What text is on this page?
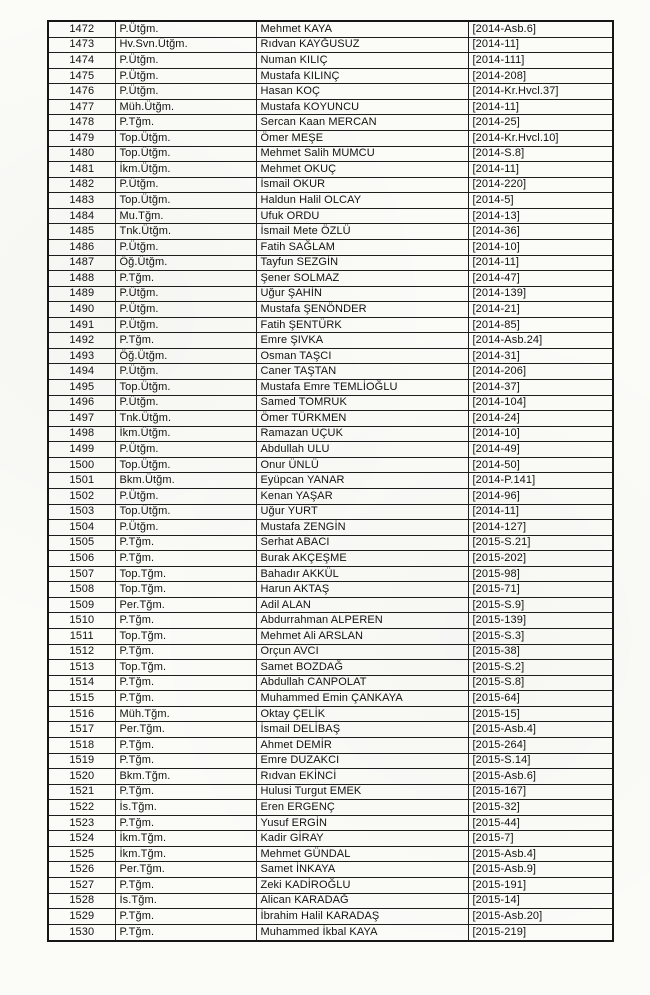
1472	P.Ütğm.	Mehmet KAYA	[2014-Asb.6]
1473	Hv.Svn.Ütğm.	Rıdvan KAYĞUSUZ	[2014-11]
1474	P.Ütğm.	Numan KILIÇ	[2014-111]
1475	P.Ütğm.	Mustafa KILINÇ	[2014-208]
1476	P.Ütğm.	Hasan KOÇ	[2014-Kr.Hvcl.37]
1477	Müh.Ütğm.	Mustafa KOYUNCU	[2014-11]
1478	P.Tğm.	Sercan Kaan MERCAN	[2014-25]
1479	Top.Ütğm.	Ömer MEŞE	[2014-Kr.Hvcl.10]
1480	Top.Ütğm.	Mehmet Salih MUMCU	[2014-S.8]
1481	İkm.Ütğm.	Mehmet OKUÇ	[2014-11]
1482	P.Ütğm.	İsmail OKUR	[2014-220]
1483	Top.Ütğm.	Haldun Halil OLCAY	[2014-5]
1484	Mu.Tğm.	Ufuk ORDU	[2014-13]
1485	Tnk.Ütğm.	İsmail Mete ÖZLÜ	[2014-36]
1486	P.Ütğm.	Fatih SAĞLAM	[2014-10]
1487	Öğ.Ütğm.	Tayfun SEZGİN	[2014-11]
1488	P.Tğm.	Şener SOLMAZ	[2014-47]
1489	P.Ütğm.	Uğur ŞAHİN	[2014-139]
1490	P.Ütğm.	Mustafa ŞENÖNDER	[2014-21]
1491	P.Ütğm.	Fatih ŞENTÜRK	[2014-85]
1492	P.Tğm.	Emre ŞIVKA	[2014-Asb.24]
1493	Öğ.Ütğm.	Osman TAŞCI	[2014-31]
1494	P.Ütğm.	Caner TAŞTAN	[2014-206]
1495	Top.Ütğm.	Mustafa Emre TEMLİOĞLU	[2014-37]
1496	P.Ütğm.	Samed TOMRUK	[2014-104]
1497	Tnk.Ütğm.	Ömer TÜRKMEN	[2014-24]
1498	İkm.Ütğm.	Ramazan UÇUK	[2014-10]
1499	P.Ütğm.	Abdullah ULU	[2014-49]
1500	Top.Ütğm.	Onur ÜNLÜ	[2014-50]
1501	Bkm.Ütğm.	Eyüpcan YANAR	[2014-P.141]
1502	P.Ütğm.	Kenan YAŞAR	[2014-96]
1503	Top.Ütğm.	Uğur YURT	[2014-11]
1504	P.Ütğm.	Mustafa ZENGİN	[2014-127]
1505	P.Tğm.	Serhat ABACI	[2015-S.21]
1506	P.Tğm.	Burak AKÇEŞME	[2015-202]
1507	Top.Tğm.	Bahadır AKKÜL	[2015-98]
1508	Top.Tğm.	Harun AKTAŞ	[2015-71]
1509	Per.Tğm.	Adil ALAN	[2015-S.9]
1510	P.Tğm.	Abdurrahman ALPEREN	[2015-139]
1511	Top.Tğm.	Mehmet Ali ARSLAN	[2015-S.3]
1512	P.Tğm.	Orçun AVCI	[2015-38]
1513	Top.Tğm.	Samet BOZDAĞ	[2015-S.2]
1514	P.Tğm.	Abdullah CANPOLAT	[2015-S.8]
1515	P.Tğm.	Muhammed Emin ÇANKAYA	[2015-64]
1516	Müh.Tğm.	Oktay ÇELİK	[2015-15]
1517	Per.Tğm.	İsmail DELİBAŞ	[2015-Asb.4]
1518	P.Tğm.	Ahmet DEMİR	[2015-264]
1519	P.Tğm.	Emre DUZAKCI	[2015-S.14]
1520	Bkm.Tğm.	Rıdvan EKİNCİ	[2015-Asb.6]
1521	P.Tğm.	Hulusi Turgut EMEK	[2015-167]
1522	İs.Tğm.	Eren ERGENÇ	[2015-32]
1523	P.Tğm.	Yusuf ERGİN	[2015-44]
1524	İkm.Tğm.	Kadir GİRAY	[2015-7]
1525	İkm.Tğm.	Mehmet GÜNDAL	[2015-Asb.4]
1526	Per.Tğm.	Samet İNKAYA	[2015-Asb.9]
1527	P.Tğm.	Zeki KADİROĞLU	[2015-191]
1528	İs.Tğm.	Alican KARADAĞ	[2015-14]
1529	P.Tğm.	İbrahim Halil KARADAŞ	[2015-Asb.20]
1530	P.Tğm.	Muhammed İkbal KAYA	[2015-219]
